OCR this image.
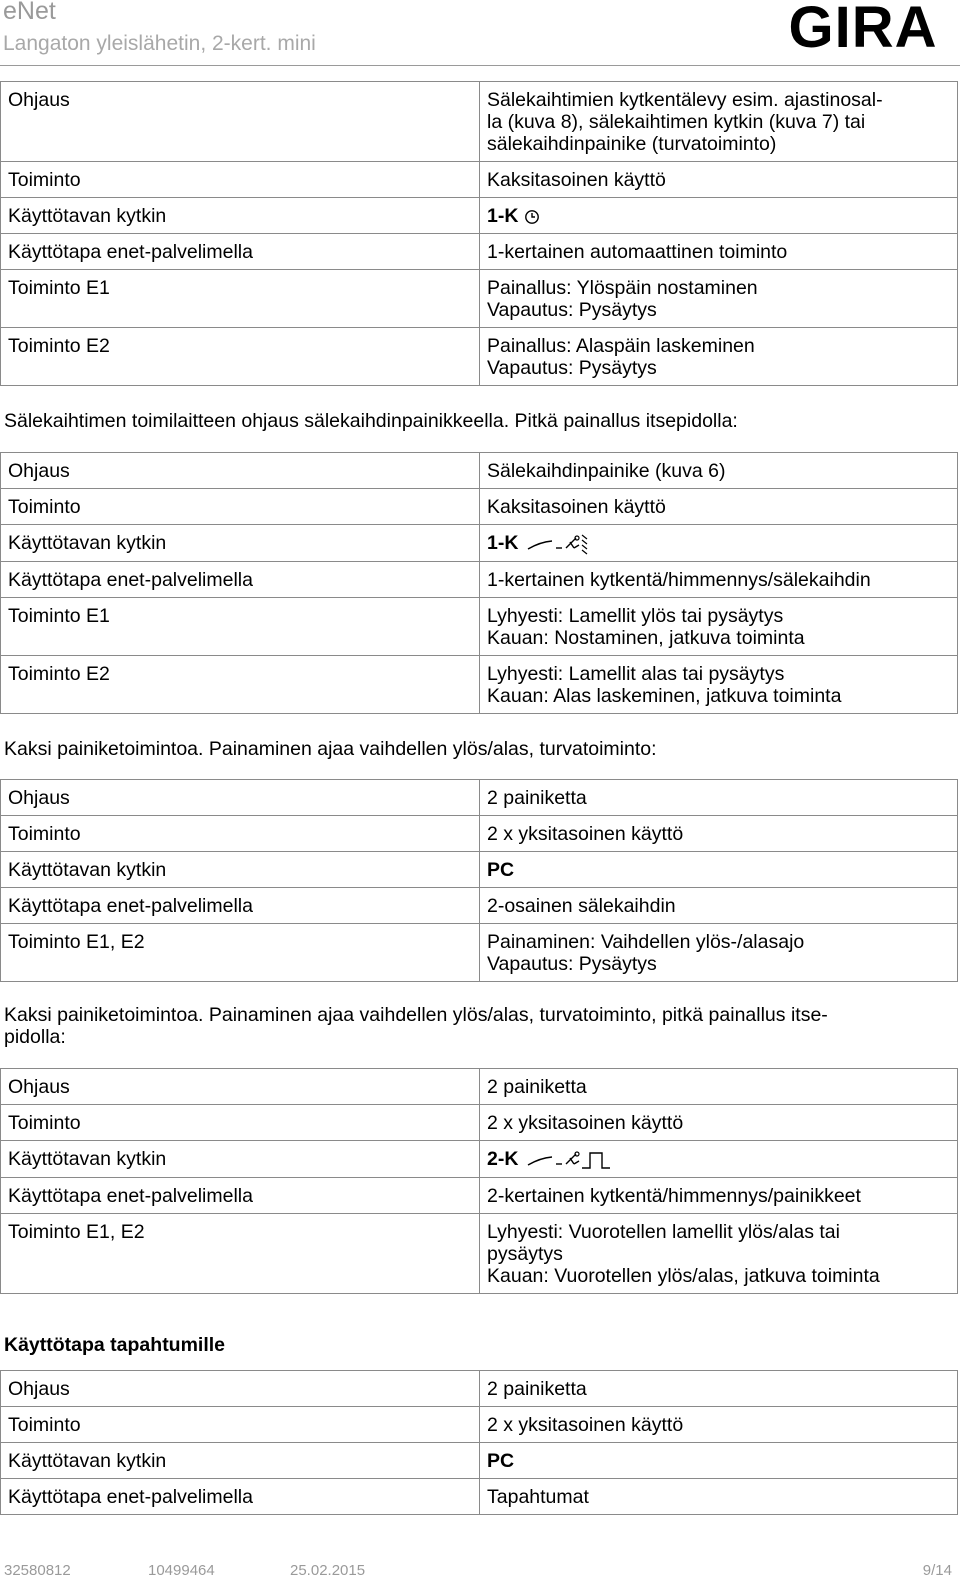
eNet
Langaton yleislähetin, 2-kert. mini	GIRA
Ohjaus	Sälekaihtimien kytkentälevy esim. ajastinosal-
la (kuva 8), sälekaihtimen kytkin (kuva 7) tai
sälekaihdinpainike (turvatoiminto)
Toiminto	Kaksitasoinen käyttö
Käyttötavan kytkin	1-K
Käyttötapa enet-palvelimella	1-kertainen automaattinen toiminto
Toiminto E1	Painallus: Ylöspäin nostaminen
Vapautus: Pysäytys
Toiminto E2	Painallus: Alaspäin laskeminen
Vapautus: Pysäytys

Sälekaihtimen toimilaitteen ohjaus sälekaihdinpainikkeella. Pitkä painallus itsepidolla:

Ohjaus	Sälekaihdinpainike (kuva 6)
Toiminto	Kaksitasoinen käyttö
Käyttötavan kytkin	1-K
Käyttötapa enet-palvelimella	1-kertainen kytkentä/himmennys/sälekaihdin
Toiminto E1	Lyhyesti: Lamellit ylös tai pysäytys
Kauan: Nostaminen, jatkuva toiminta
Toiminto E2	Lyhyesti: Lamellit alas tai pysäytys
Kauan: Alas laskeminen, jatkuva toiminta

Kaksi painiketoimintoa. Painaminen ajaa vaihdellen ylös/alas, turvatoiminto:

Ohjaus	2 painiketta
Toiminto	2 x yksitasoinen käyttö
Käyttötavan kytkin	PC
Käyttötapa enet-palvelimella	2-osainen sälekaihdin
Toiminto E1, E2	Painaminen: Vaihdellen ylös-/alasajo
Vapautus: Pysäytys

Kaksi painiketoimintoa. Painaminen ajaa vaihdellen ylös/alas, turvatoiminto, pitkä painallus itse-
pidolla:

Ohjaus	2 painiketta
Toiminto	2 x yksitasoinen käyttö
Käyttötavan kytkin	2-K
Käyttötapa enet-palvelimella	2-kertainen kytkentä/himmennys/painikkeet
Toiminto E1, E2	Lyhyesti: Vuorotellen lamellit ylös/alas tai
pysäytys
Kauan: Vuorotellen ylös/alas, jatkuva toiminta

Käyttötapa tapahtumille

Ohjaus	2 painiketta
Toiminto	2 x yksitasoinen käyttö
Käyttötavan kytkin	PC
Käyttötapa enet-palvelimella	Tapahtumat
32580812	10499464	25.02.2015	9/14
